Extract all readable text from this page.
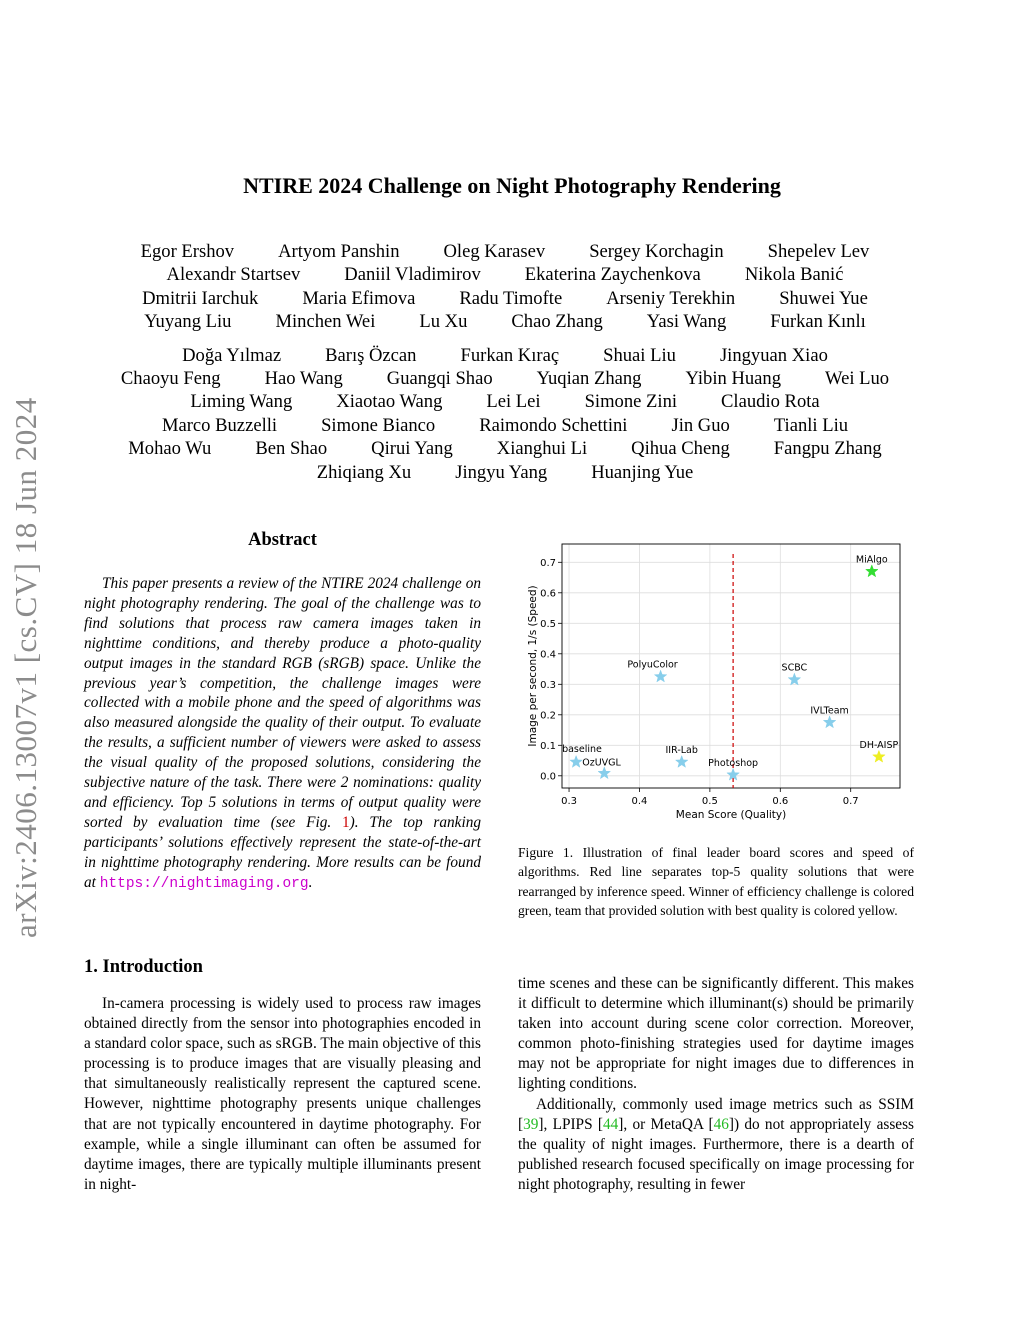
arXiv:2406.13007v1 [cs.CV] 18 Jun 2024
NTIRE 2024 Challenge on Night Photography Rendering
Egor Ershov Artyom Panshin Oleg Karasev Sergey Korchagin Shepelev Lev
Alexandr Startsev Daniil Vladimirov Ekaterina Zaychenkova Nikola Banić
Dmitrii Iarchuk Maria Efimova Radu Timofte Arseniy Terekhin Shuwei Yue
Yuyang Liu Minchen Wei Lu Xu Chao Zhang Yasi Wang Furkan Kınlı
Doğa Yılmaz Barış Özcan Furkan Kıraç Shuai Liu Jingyuan Xiao
Chaoyu Feng Hao Wang Guangqi Shao Yuqian Zhang Yibin Huang Wei Luo
Liming Wang Xiaotao Wang Lei Lei Simone Zini Claudio Rota
Marco Buzzelli Simone Bianco Raimondo Schettini Jin Guo Tianli Liu
Mohao Wu Ben Shao Qirui Yang Xianghui Li Qihua Cheng Fangpu Zhang
Zhiqiang Xu Jingyu Yang Huanjing Yue
Abstract
This paper presents a review of the NTIRE 2024 challenge on night photography rendering. The goal of the challenge was to find solutions that process raw camera images taken in nighttime conditions, and thereby produce a photo-quality output images in the standard RGB (sRGB) space. Unlike the previous year’s competition, the challenge images were collected with a mobile phone and the speed of algorithms was also measured alongside the quality of their output. To evaluate the results, a sufficient number of viewers were asked to assess the visual quality of the proposed solutions, considering the subjective nature of the task. There were 2 nominations: quality and efficiency. Top 5 solutions in terms of output quality were sorted by evaluation time (see Fig. 1). The top ranking participants’ solutions effectively represent the state-of-the-art in nighttime photography rendering. More results can be found at https://nightimaging.org.
1. Introduction
In-camera processing is widely used to process raw images obtained directly from the sensor into photographies encoded in a standard color space, such as sRGB. The main objective of this processing is to produce images that are visually pleasing and that simultaneously realistically represent the captured scene. However, nighttime photography presents unique challenges that are not typically encountered in daytime photography. For example, while a single illuminant can often be assumed for daytime images, there are typically multiple illuminants present in night-
0.3	0.4	0.5	0.6	0.7
0.0
0.1
0.2
0.3
0.4
0.5
0.6
0.7
Mean Score (Quality)
Image per second, 1/s (Speed)
baseline
OzUVGL
PolyuColor
IIR-Lab
Photoshop
SCBC
IVLTeam
MiAlgo
DH-AISP
Figure 1. Illustration of final leader board scores and speed of algorithms. Red line separates top-5 quality solutions that were rearranged by inference speed. Winner of efficiency challenge is colored green, team that provided solution with best quality is colored yellow.

time scenes and these can be significantly different. This makes it difficult to determine which illuminant(s) should be primarily taken into account during scene color correction. Moreover, common photo-finishing strategies used for daytime images may not be appropriate for night images due to differences in lighting conditions.

Additionally, commonly used image metrics such as SSIM [39], LPIPS [44], or MetaQA [46]) do not appropriately assess the quality of night images. Furthermore, there is a dearth of published research focused specifically on image processing for night photography, resulting in fewer
